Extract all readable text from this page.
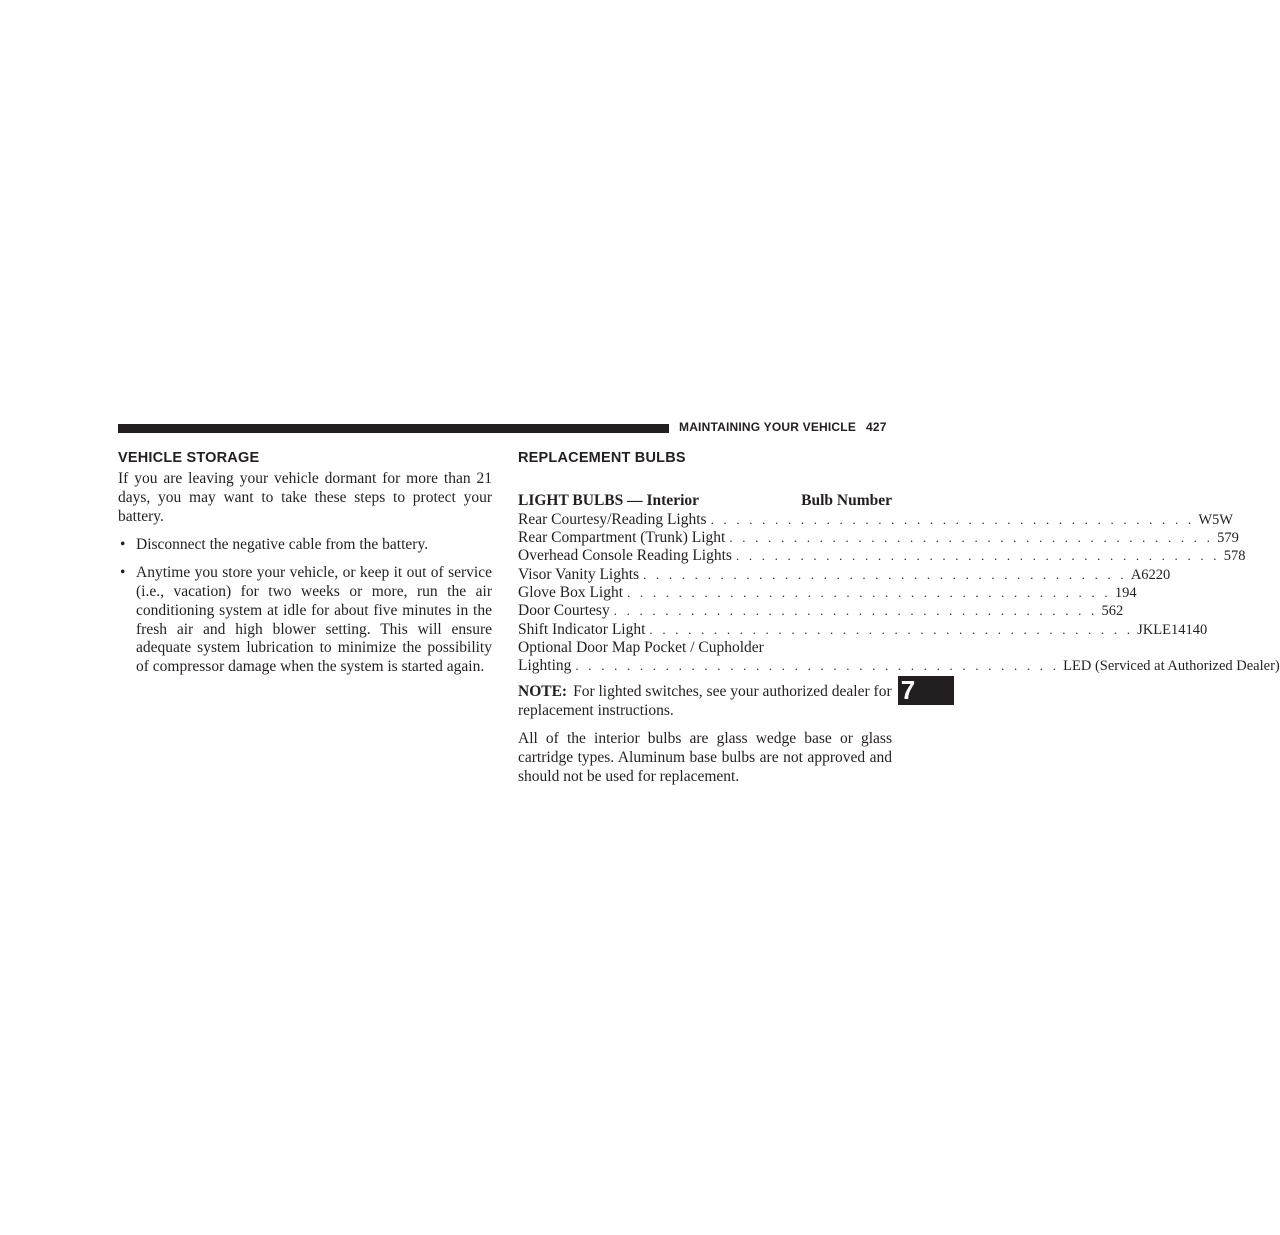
MAINTAINING YOUR VEHICLE 427
VEHICLE STORAGE

If you are leaving your vehicle dormant for more than 21 days, you may want to take these steps to protect your battery.

• Disconnect the negative cable from the battery.
• Anytime you store your vehicle, or keep it out of service (i.e., vacation) for two weeks or more, run the air conditioning system at idle for about five minutes in the fresh air and high blower setting. This will ensure adequate system lubrication to minimize the possibility of compressor damage when the system is started again.
REPLACEMENT BULBS
LIGHT BULBS — Interior	Bulb Number
Rear Courtesy/Reading Lights . . . . . . . . . . . . . . . . . . . . . . . . . . . . . . . . . . . . . . W5W
Rear Compartment (Trunk) Light . . . . . . . . . . . . . . . . . . . . . . . . . . . . . . . . . . . . . . 579
Overhead Console Reading Lights . . . . . . . . . . . . . . . . . . . . . . . . . . . . . . . . . . . . . . 578
Visor Vanity Lights . . . . . . . . . . . . . . . . . . . . . . . . . . . . . . . . . . . . . . A6220
Glove Box Light . . . . . . . . . . . . . . . . . . . . . . . . . . . . . . . . . . . . . . 194
Door Courtesy . . . . . . . . . . . . . . . . . . . . . . . . . . . . . . . . . . . . . . 562
Shift Indicator Light . . . . . . . . . . . . . . . . . . . . . . . . . . . . . . . . . . . . . . JKLE14140
Optional Door Map Pocket / Cupholder
Lighting . . . . . . . . . . . . . . . . . . . . . . . . . . . . . . . . . . . . . . LED (Serviced at Authorized Dealer)

NOTE: For lighted switches, see your authorized dealer for replacement instructions.

All of the interior bulbs are glass wedge base or glass cartridge types. Aluminum base bulbs are not approved and should not be used for replacement.

7
